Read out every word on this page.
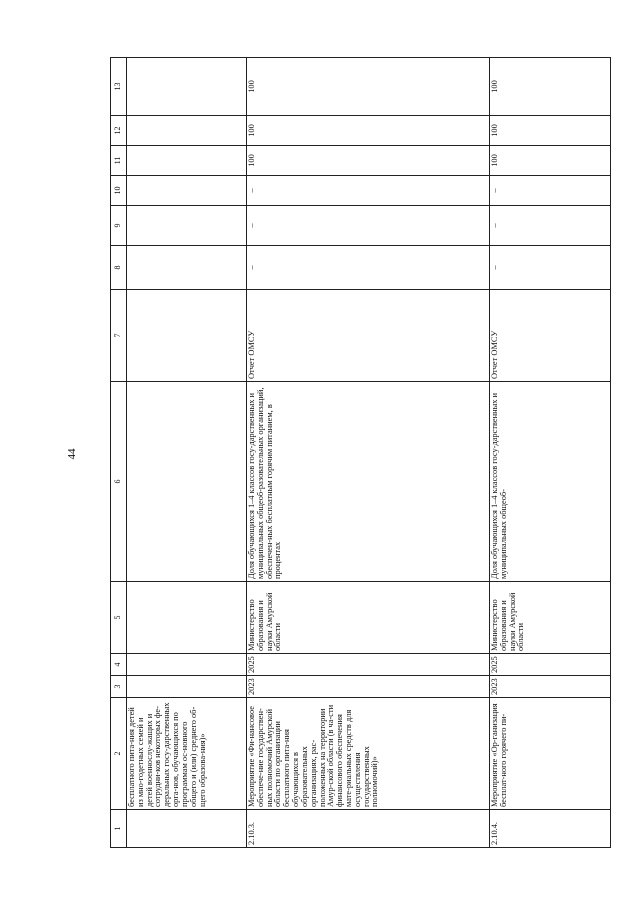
44
1	2	3	4	5	6	7	8	9	10	11	12	13
	бесплатного пита-ния детей из мно-годетных семей и детей военнослу-жащих и сотрудни-ков некоторых фе-деральных госу-дарственных орга-нов, обучающихся по программам ос-новного общего и (или) среднего об-щего образова-ния)»											
2.10.3.	Мероприятие «Фи-нансовое обеспече-ние государствен-ных полномочий Амурской области по организации бесплатного пита-ния обучающихся в образовательных организациях, рас-положенных на территории Амур-ской области (в ча-сти финансового обеспечения мате-риальных средств для осуществления государственных полномочий)»	2023	2025	Министерство образования и науки Амурской области	Доля обучающихся 1–4 классов госу-дарственных и муниципальных общеоб-разовательных организаций, обеспечен-ных бесплатным горячим питанием, в процентах	Отчет ОМСУ	–	–	–	100	100	100
2.10.4.	Мероприятие «Ор-ганизация бесплат-ного горячего пи-	2023	2025	Министерство образования и науки Амурской области	Доля обучающихся 1–4 классов госу-дарственных и муниципальных общеоб-	Отчет ОМСУ	–	–	–	100	100	100
